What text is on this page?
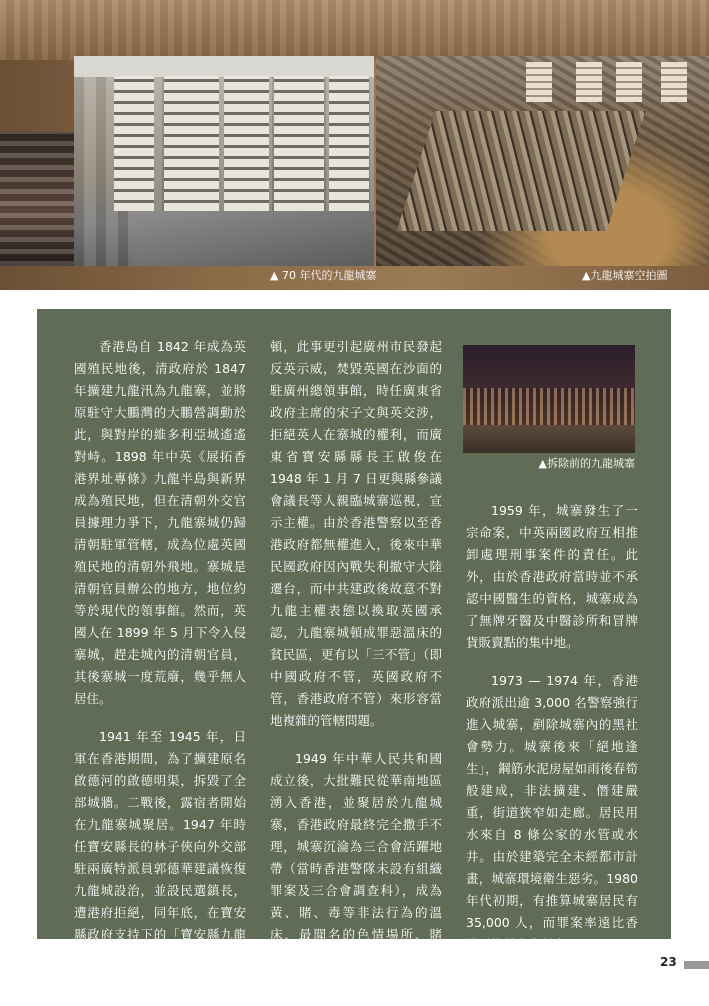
▲ 70 年代的九龍城寨	▲九龍城寨空拍圖

香港島自 1842 年成為英國殖民地後，清政府於 1847 年擴建九龍汛為九龍寨，並將原駐守大鵬灣的大鵬營調動於此，與對岸的維多利亞城遙遙對峙。1898 年中英《展拓香港界址專條》九龍半島與新界成為殖民地，但在清朝外交官員據理力爭下，九龍寨城仍歸清朝駐軍管轄，成為位處英國殖民地的清朝外飛地。寨城是清朝官員辦公的地方，地位約等於現代的領事館。然而，英國人在 1899 年 5 月下令入侵寨城，趕走城內的清朝官員，其後寨城一度荒廢，幾乎無人居住。

1941 年至 1945 年，日軍在香港期間，為了擴建原名啟德河的啟德明渠，拆毀了全部城牆。二戰後，露宿者開始在九龍寨城聚居。1947 年時任寶安縣長的林子俠向外交部駐兩廣特派員郭德華建議恢復九龍城設治，並設民選鎮長，遭港府拒絕，同年底，在寶安縣政府支持下的「寶安縣九龍城居民福利會」成功抵抗香港政府入城整

頓，此事更引起廣州市民發起反英示威，焚毀英國在沙面的駐廣州總領事館，時任廣東省政府主席的宋子文與英交涉，拒絕英人在寨城的權利，而廣東省寶安縣縣長王啟俊在 1948 年 1 月 7 日更與縣參議會議長等人親臨城寨巡視，宣示主權。由於香港警察以至香港政府都無權進入，後來中華民國政府因內戰失利撤守大陸遷台，而中共建政後故意不對九龍主權表態以換取英國承認，九龍寨城頓成罪惡溫床的貧民區，更有以「三不管」（即中國政府不管，英國政府不管，香港政府不管）來形容當地複雜的管轄問題。

1949 年中華人民共和國成立後，大批難民從華南地區湧入香港，並聚居於九龍城寨，香港政府最終完全撒手不理，城寨沉淪為三合會活躍地帶（當時香港警隊未設有組織罪案及三合會調查科），成為黃、賭、毒等非法行為的溫床，最聞名的色情場所、賭檔、鴉片煙館、海洛英館、狗肉食堂等四處林立。

▲拆除前的九龍城寨

1959 年，城寨發生了一宗命案，中英兩國政府互相推卸處理刑事案件的責任。此外，由於香港政府當時並不承認中國醫生的資格，城寨成為了無牌牙醫及中醫診所和冒牌貨販賣點的集中地。

1973 — 1974 年，香港政府派出逾 3,000 名警察強行進入城寨，剷除城寨內的黑社會勢力。城寨後來「絕地逢生」，鋼筋水泥房屋如雨後春筍般建成，非法擴建、僭建嚴重，街道狹窄如走廊。居民用水來自 8 條公家的水管或水井。由於建築完全未經都市計畫，城寨環境衛生惡劣。1980 年代初期，有推算城寨居民有 35,000 人，而罪案率遠比香港平均數字高得多。

23
